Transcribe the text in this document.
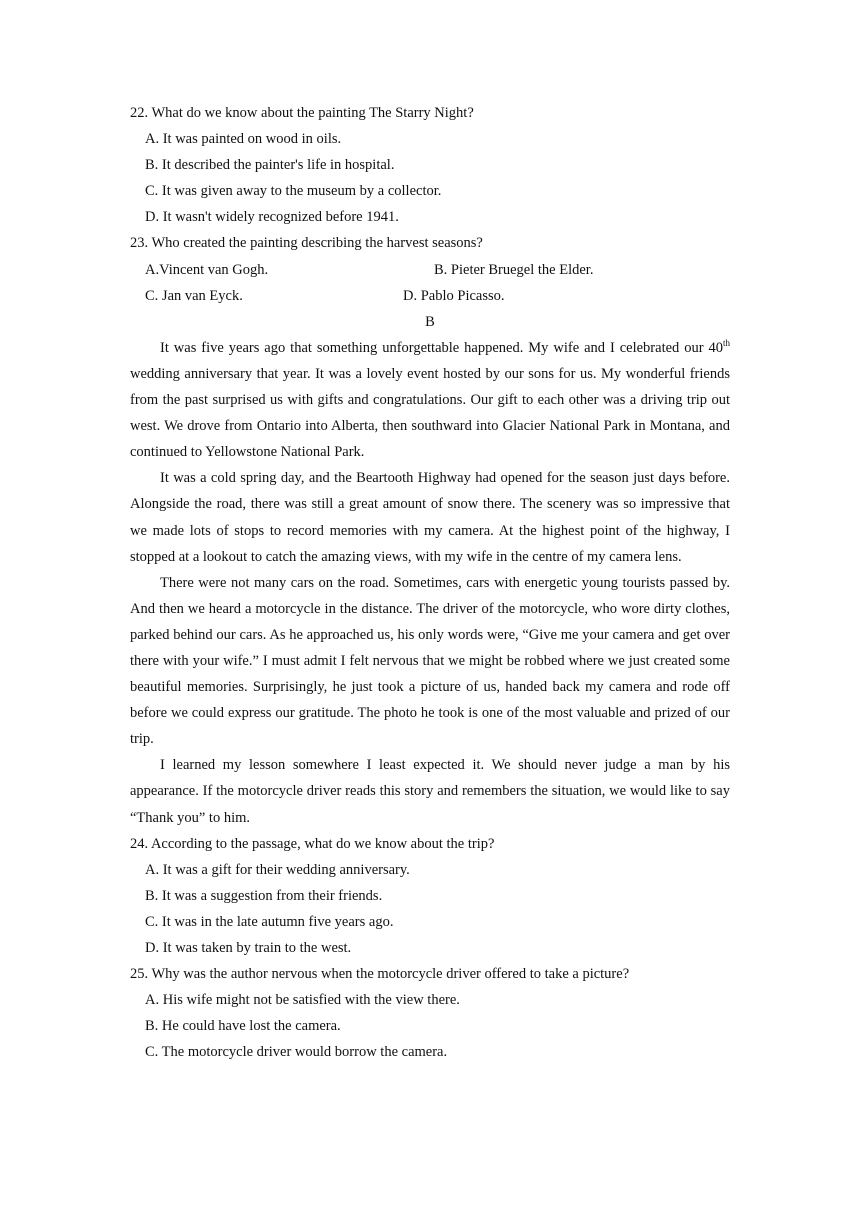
22. What do we know about the painting The Starry Night?
A. It was painted on wood in oils.
B. It described the painter's life in hospital.
C. It was given away to the museum by a collector.
D. It wasn't widely recognized before 1941.
23. Who created the painting describing the harvest seasons?
A.Vincent van Gogh.	B. Pieter Bruegel the Elder.
C. Jan van Eyck.	D. Pablo Picasso.
B

It was five years ago that something unforgettable happened. My wife and I celebrated our 40th wedding anniversary that year. It was a lovely event hosted by our sons for us. My wonderful friends from the past surprised us with gifts and congratulations. Our gift to each other was a driving trip out west. We drove from Ontario into Alberta, then southward into Glacier National Park in Montana, and continued to Yellowstone National Park.

It was a cold spring day, and the Beartooth Highway had opened for the season just days before. Alongside the road, there was still a great amount of snow there. The scenery was so impressive that we made lots of stops to record memories with my camera. At the highest point of the highway, I stopped at a lookout to catch the amazing views, with my wife in the centre of my camera lens.

There were not many cars on the road. Sometimes, cars with energetic young tourists passed by. And then we heard a motorcycle in the distance. The driver of the motorcycle, who wore dirty clothes, parked behind our cars. As he approached us, his only words were, “Give me your camera and get over there with your wife.” I must admit I felt nervous that we might be robbed where we just created some beautiful memories. Surprisingly, he just took a picture of us, handed back my camera and rode off before we could express our gratitude. The photo he took is one of the most valuable and prized of our trip.

I learned my lesson somewhere I least expected it. We should never judge a man by his appearance. If the motorcycle driver reads this story and remembers the situation, we would like to say “Thank you” to him.

24. According to the passage, what do we know about the trip?
A. It was a gift for their wedding anniversary.
B. It was a suggestion from their friends.
C. It was in the late autumn five years ago.
D. It was taken by train to the west.
25. Why was the author nervous when the motorcycle driver offered to take a picture?
A. His wife might not be satisfied with the view there.
B. He could have lost the camera.
C. The motorcycle driver would borrow the camera.
